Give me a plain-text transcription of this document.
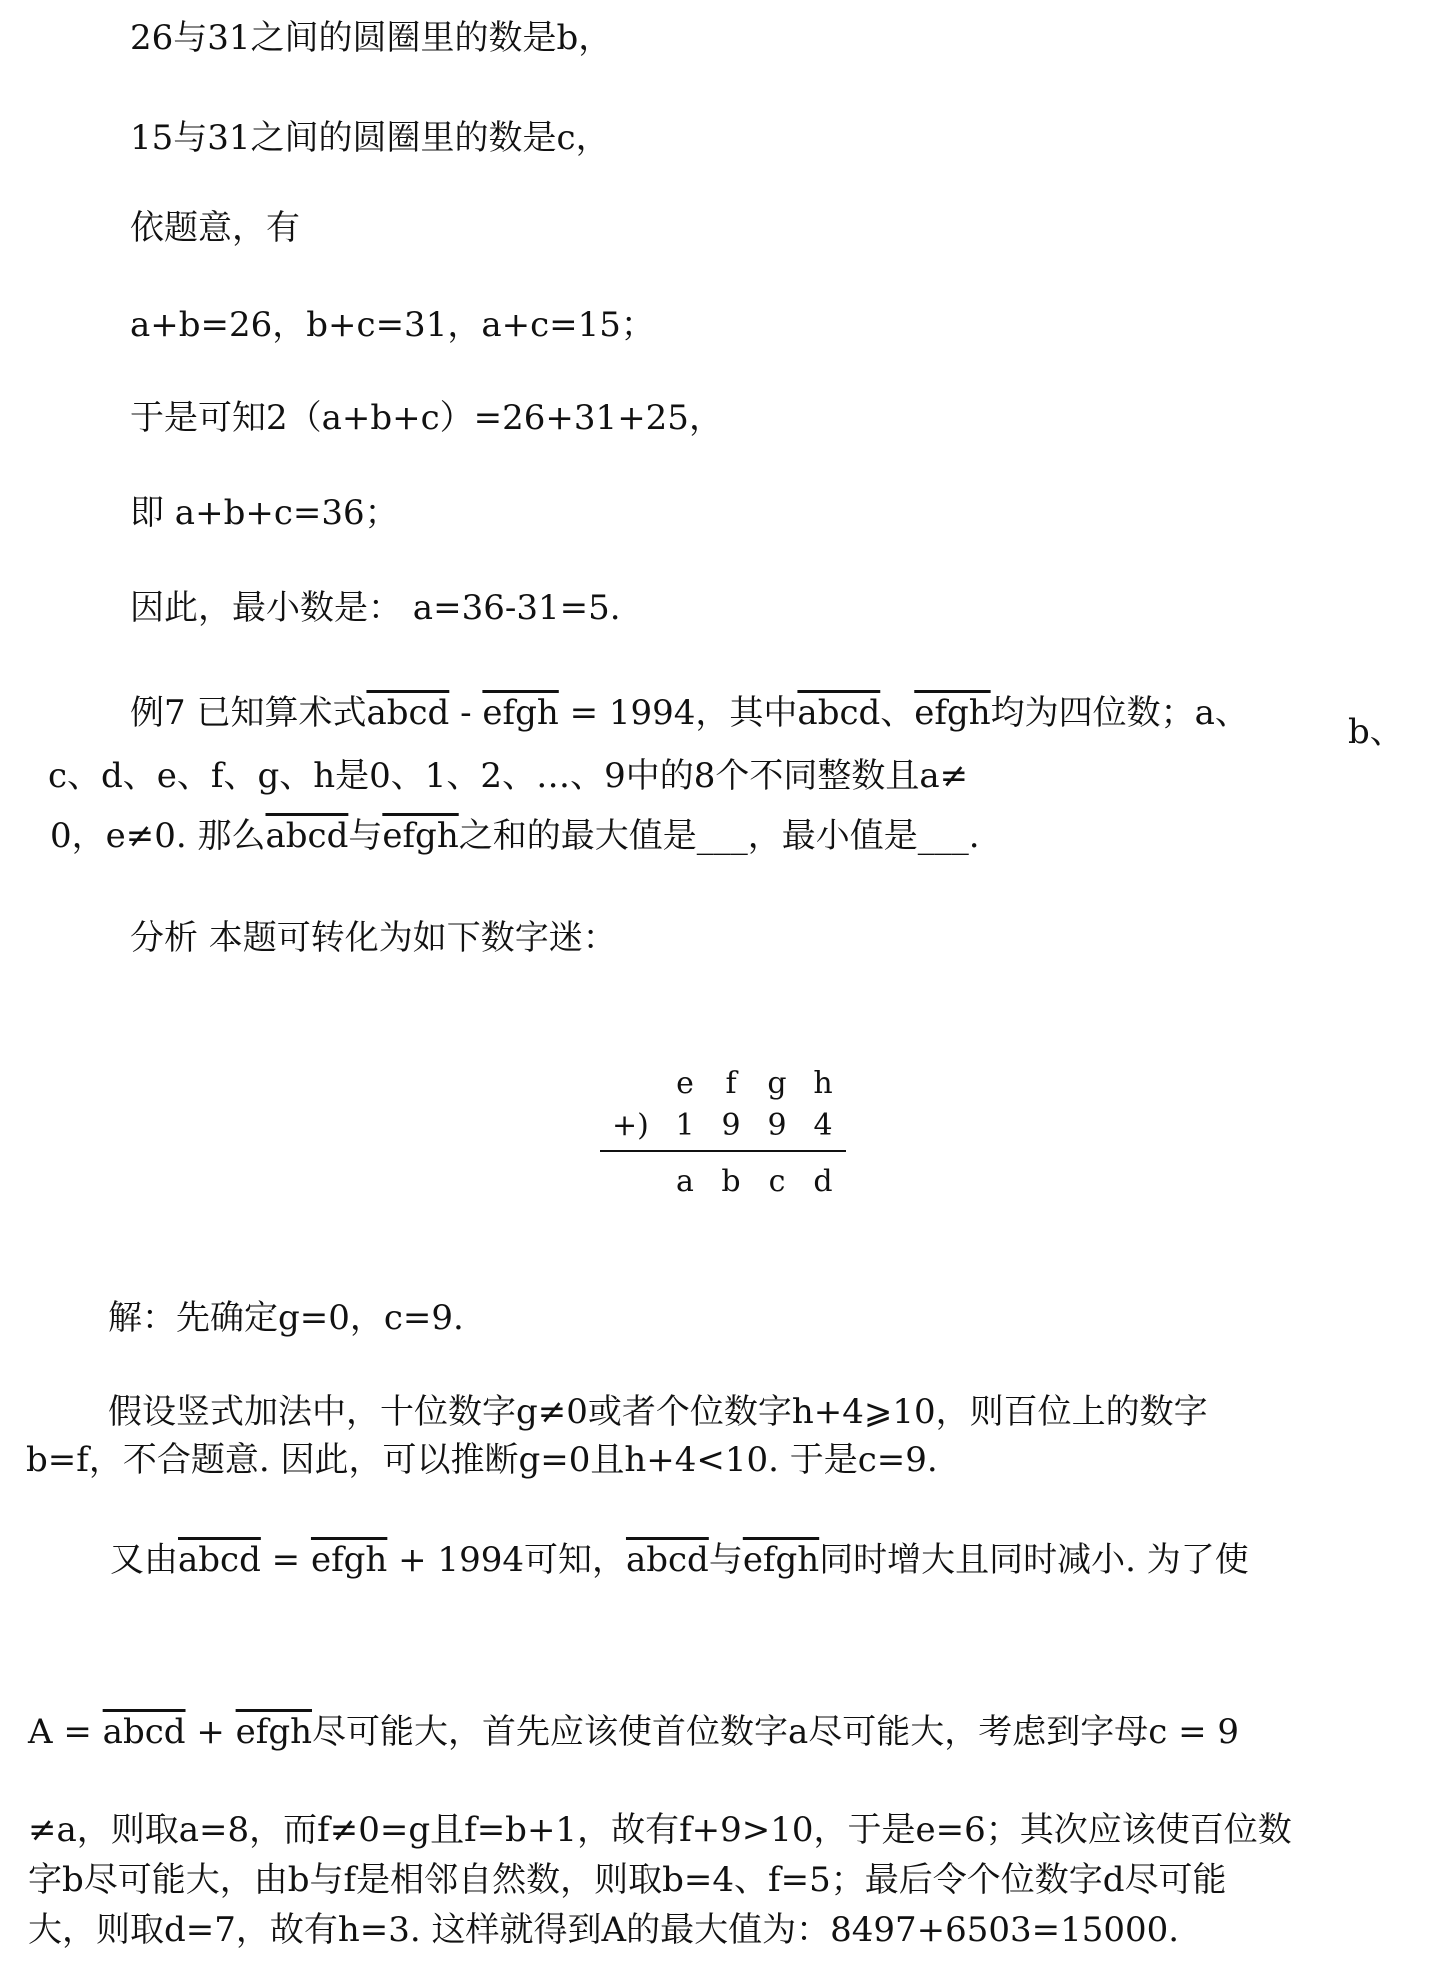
26与31之间的圆圈里的数是b，
15与31之间的圆圈里的数是c，
依题意，有
a+b=26，b+c=31，a+c=15；
于是可知2（a+b+c）=26+31+25，
即 a+b+c=36；
因此，最小数是： a=36-31=5.
例7 已知算术式abcd - efgh = 1994，其中abcd、efgh均为四位数；a、	b、
c、d、e、f、g、h是0、1、2、…、9中的8个不同整数且a≠
0，e≠0. 那么abcd与efgh之和的最大值是___，最小值是___.
分析 本题可转化为如下数字迷：
e f g h
+) 1 9 9 4
a b c d
解：先确定g=0，c=9.
假设竖式加法中，十位数字g≠0或者个位数字h+4⩾10，则百位上的数字
b=f，不合题意. 因此，可以推断g=0且h+4<10. 于是c=9.
又由abcd = efgh + 1994可知，abcd与efgh同时增大且同时减小. 为了使
A = abcd + efgh尽可能大，首先应该使首位数字a尽可能大，考虑到字母c = 9
≠a，则取a=8，而f≠0=g且f=b+1，故有f+9>10，于是e=6；其次应该使百位数
字b尽可能大，由b与f是相邻自然数，则取b=4、f=5；最后令个位数字d尽可能
大，则取d=7，故有h=3. 这样就得到A的最大值为：8497+6503=15000.
